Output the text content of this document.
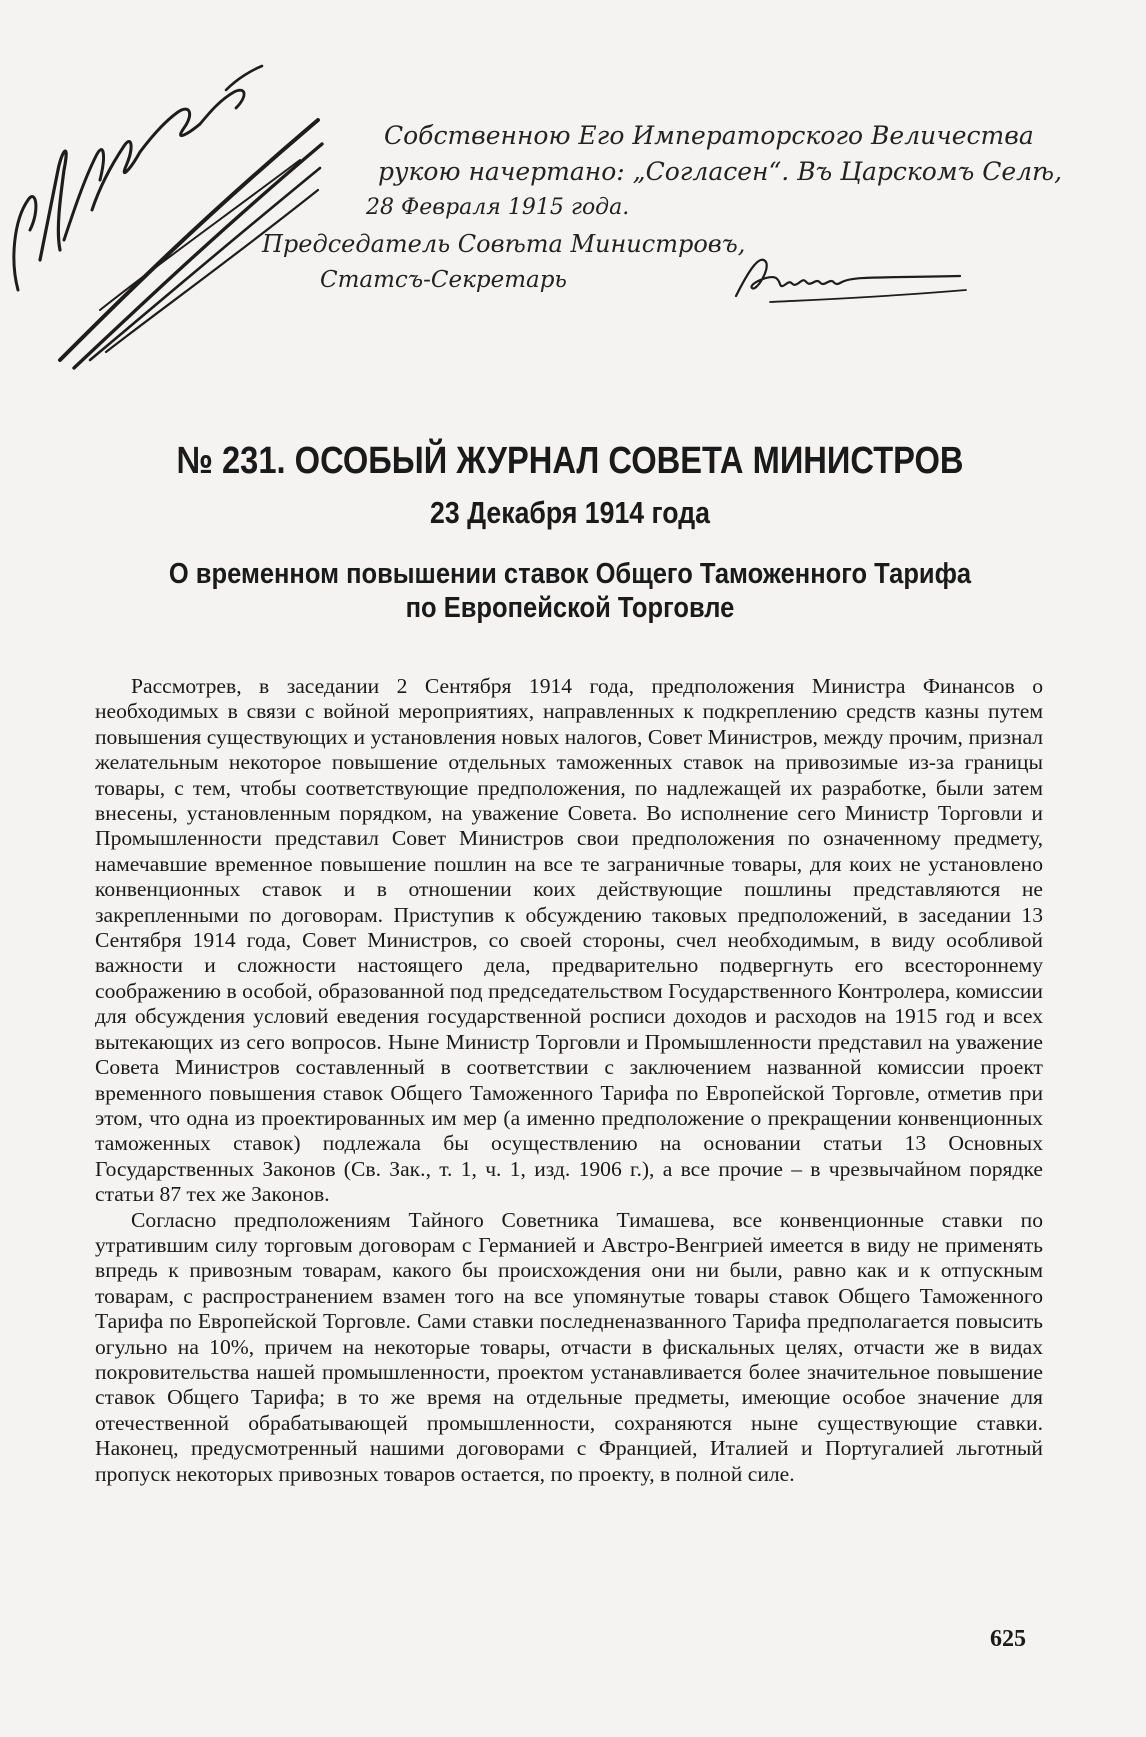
Собственною Его Императорского Величества
рукою начертано: „Согласен“. Въ Царскомъ Селѣ,
28 Февраля 1915 года.
Председатель Совѣта Министровъ,
Статсъ-Секретарь
№ 231. ОСОБЫЙ ЖУРНАЛ СОВЕТА МИНИСТРОВ
23 Декабря 1914 года
О временном повышении ставок Общего Таможенного Тарифа по Европейской Торговле

Рассмотрев, в заседании 2 Сентября 1914 года, предположения Министра Финансов о необходимых в связи с войной мероприятиях, направленных к подкреплению средств казны путем повышения существующих и установления новых налогов, Совет Министров, между прочим, признал желательным некоторое повышение отдельных таможенных ставок на привозимые из-за границы товары, с тем, чтобы соответствующие предположения, по надлежащей их разработке, были затем внесены, установленным порядком, на уважение Совета. Во исполнение сего Министр Торговли и Промышленности представил Совет Министров свои предположения по означенному предмету, намечавшие временное повышение пошлин на все те заграничные товары, для коих не установлено конвенционных ставок и в отношении коих действующие пошлины представляются не закрепленными по договорам. Приступив к обсуждению таковых предположений, в заседании 13 Сентября 1914 года, Совет Министров, со своей стороны, счел необходимым, в виду особливой важности и сложности настоящего дела, предварительно подвергнуть его всестороннему соображению в особой, образованной под председательством Государственного Контролера, комиссии для обсуждения условий еведения государственной росписи доходов и расходов на 1915 год и всех вытекающих из сего вопросов. Ныне Министр Торговли и Промышленности представил на уважение Совета Министров составленный в соответствии с заключением названной комиссии проект временного повышения ставок Общего Таможенного Тарифа по Европейской Торговле, отметив при этом, что одна из проектированных им мер (а именно предположение о прекращении конвенционных таможенных ставок) подлежала бы осуществлению на основании статьи 13 Основных Государственных Законов (Св. Зак., т. 1, ч. 1, изд. 1906 г.), а все прочие – в чрезвычайном порядке статьи 87 тех же Законов.

Согласно предположениям Тайного Советника Тимашева, все конвенционные ставки по утратившим силу торговым договорам с Германией и Австро-Венгрией имеется в виду не применять впредь к привозным товарам, какого бы происхождения они ни были, равно как и к отпускным товарам, с распространением взамен того на все упомянутые товары ставок Общего Таможенного Тарифа по Европейской Торговле. Сами ставки последненазванного Тарифа предполагается повысить огульно на 10%, причем на некоторые товары, отчасти в фискальных целях, отчасти же в видах покровительства нашей промышленности, проектом устанавливается более значительное повышение ставок Общего Тарифа; в то же время на отдельные предметы, имеющие особое значение для отечественной обрабатывающей промышленности, сохраняются ныне существующие ставки. Наконец, предусмотренный нашими договорами с Францией, Италией и Португалией льготный пропуск некоторых привозных товаров остается, по проекту, в полной силе.

625
